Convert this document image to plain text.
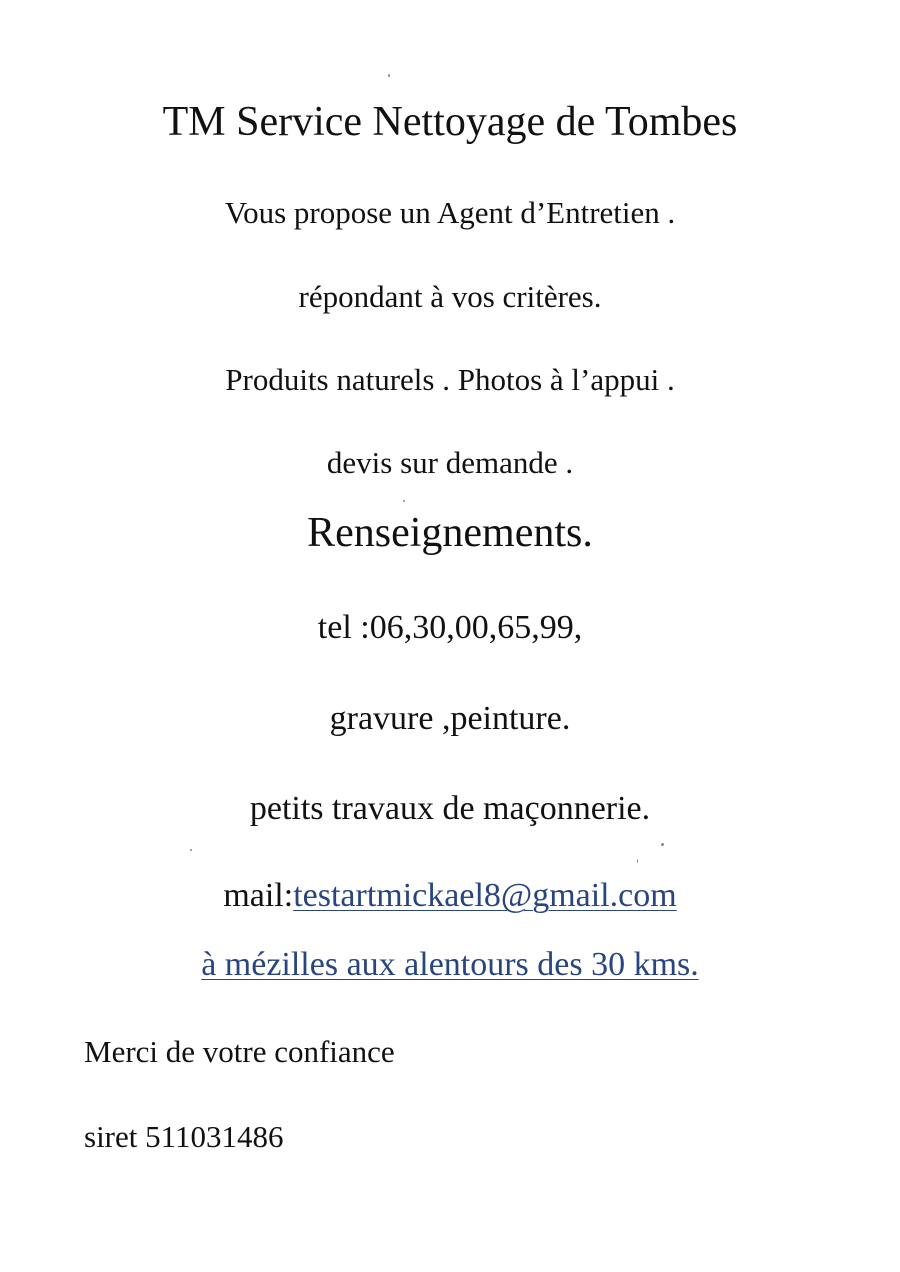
TM Service Nettoyage de Tombes
Vous propose un Agent d’Entretien .
répondant à vos critères.
Produits naturels . Photos à l’appui .
devis sur demande .
Renseignements.
tel :06,30,00,65,99,
gravure ,peinture.
petits travaux de maçonnerie.
mail:testartmickael8@gmail.com
à mézilles aux alentours des 30 kms.
Merci de votre confiance
siret 511031486
